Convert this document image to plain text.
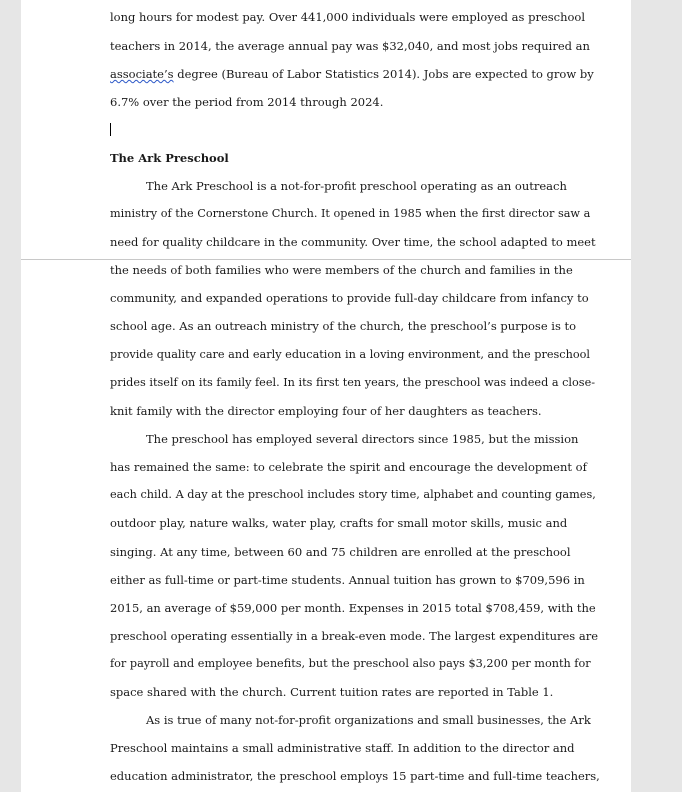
long hours for modest pay. Over 441,000 individuals were employed as preschool
teachers in 2014, the average annual pay was $32,040, and most jobs required an
associate’s degree (Bureau of Labor Statistics 2014). Jobs are expected to grow by
6.7% over the period from 2014 through 2024.
The Ark Preschool
The Ark Preschool is a not-for-profit preschool operating as an outreach
ministry of the Cornerstone Church. It opened in 1985 when the first director saw a
need for quality childcare in the community. Over time, the school adapted to meet
the needs of both families who were members of the church and families in the
community, and expanded operations to provide full-day childcare from infancy to
school age. As an outreach ministry of the church, the preschool’s purpose is to
provide quality care and early education in a loving environment, and the preschool
prides itself on its family feel. In its first ten years, the preschool was indeed a close-
knit family with the director employing four of her daughters as teachers.
The preschool has employed several directors since 1985, but the mission
has remained the same: to celebrate the spirit and encourage the development of
each child. A day at the preschool includes story time, alphabet and counting games,
outdoor play, nature walks, water play, crafts for small motor skills, music and
singing. At any time, between 60 and 75 children are enrolled at the preschool
either as full-time or part-time students. Annual tuition has grown to $709,596 in
2015, an average of $59,000 per month. Expenses in 2015 total $708,459, with the
preschool operating essentially in a break-even mode. The largest expenditures are
for payroll and employee benefits, but the preschool also pays $3,200 per month for
space shared with the church. Current tuition rates are reported in Table 1.
As is true of many not-for-profit organizations and small businesses, the Ark
Preschool maintains a small administrative staff. In addition to the director and
education administrator, the preschool employs 15 part-time and full-time teachers,
